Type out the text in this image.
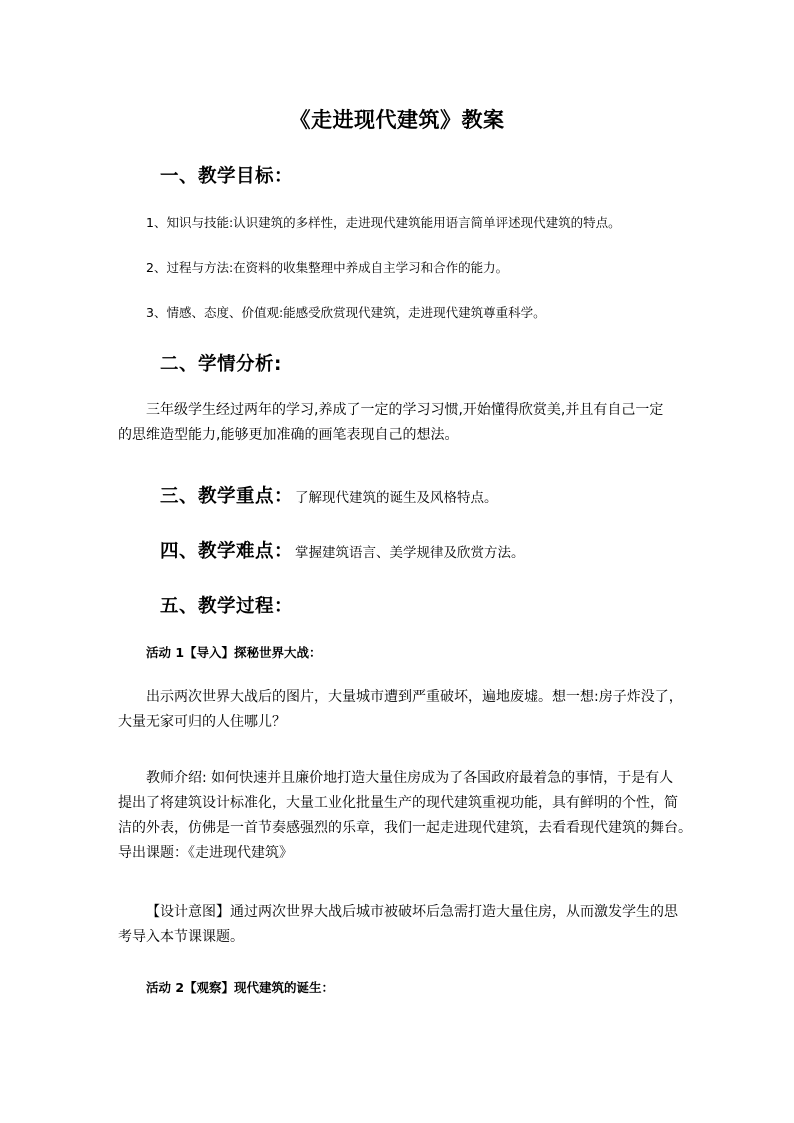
《走进现代建筑》教案
一、教学目标：
1、知识与技能:认识建筑的多样性，走进现代建筑能用语言简单评述现代建筑的特点。
2、过程与方法:在资料的收集整理中养成自主学习和合作的能力。
3、情感、态度、价值观:能感受欣赏现代建筑，走进现代建筑尊重科学。
二、学情分析:
三年级学生经过两年的学习,养成了一定的学习习惯,开始懂得欣赏美,并且有自己一定
的思维造型能力,能够更加准确的画笔表现自己的想法。
三、教学重点： 了解现代建筑的诞生及风格特点。
四、教学难点： 掌握建筑语言、美学规律及欣赏方法。
五、教学过程：
活动 1【导入】探秘世界大战：
出示两次世界大战后的图片，大量城市遭到严重破坏，遍地废墟。想一想:房子炸没了，
大量无家可归的人住哪儿？
教师介绍: 如何快速并且廉价地打造大量住房成为了各国政府最着急的事情，于是有人
提出了将建筑设计标准化，大量工业化批量生产的现代建筑重视功能，具有鲜明的个性，简
洁的外表，仿佛是一首节奏感强烈的乐章，我们一起走进现代建筑，去看看现代建筑的舞台。
导出课题：《走进现代建筑》
【设计意图】通过两次世界大战后城市被破坏后急需打造大量住房，从而激发学生的思
考导入本节课课题。
活动 2【观察】现代建筑的诞生：
